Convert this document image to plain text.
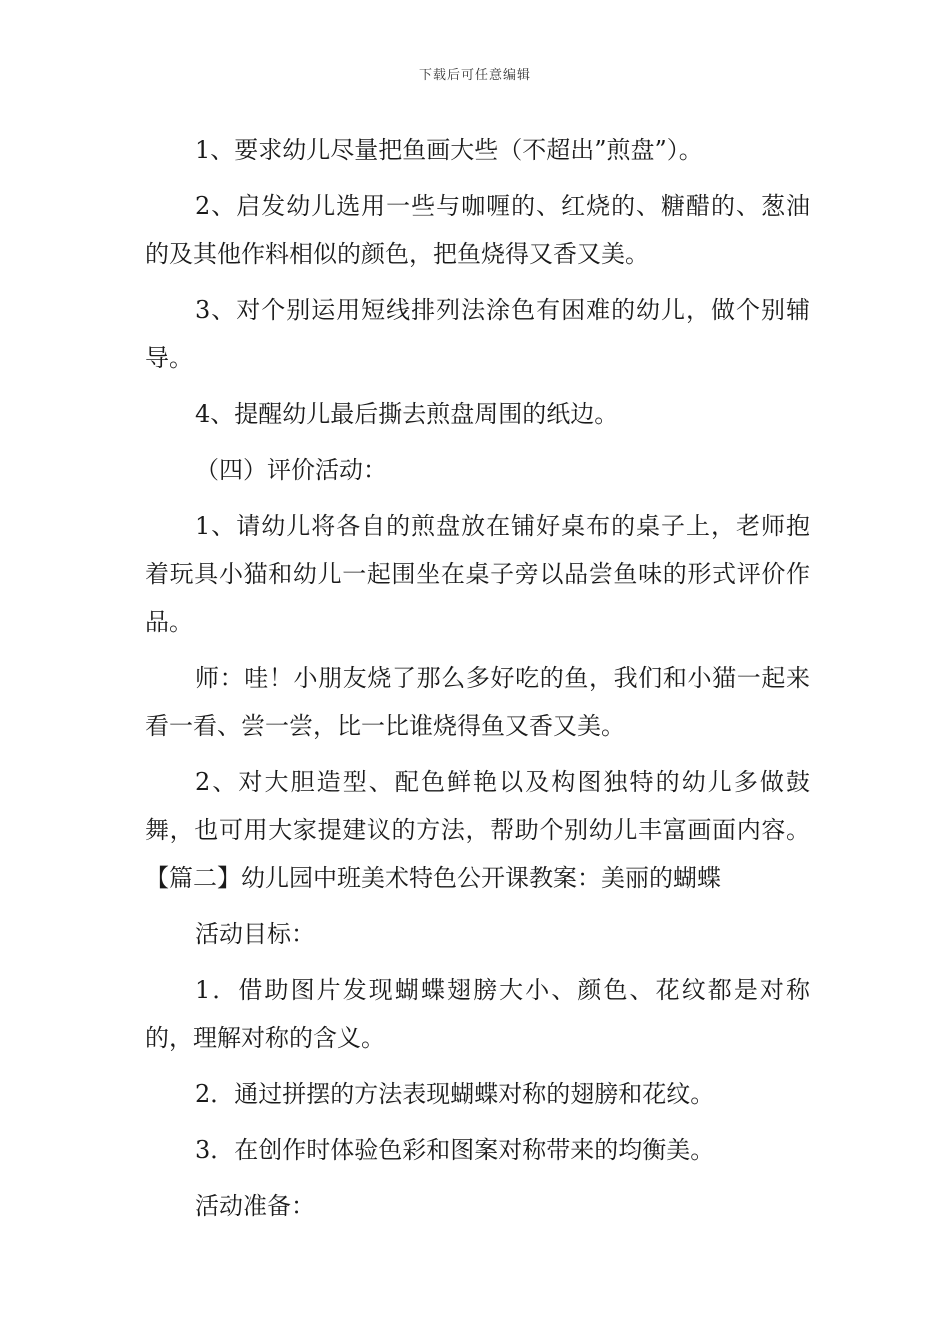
下载后可任意编辑

1、要求幼儿尽量把鱼画大些（不超出”煎盘”）。

2、启发幼儿选用一些与咖喱的、红烧的、糖醋的、葱油的及其他作料相似的颜色，把鱼烧得又香又美。

3、对个别运用短线排列法涂色有困难的幼儿，做个别辅导。

4、提醒幼儿最后撕去煎盘周围的纸边。

（四）评价活动：

1、请幼儿将各自的煎盘放在铺好桌布的桌子上，老师抱着玩具小猫和幼儿一起围坐在桌子旁以品尝鱼味的形式评价作品。

师：哇！小朋友烧了那么多好吃的鱼，我们和小猫一起来看一看、尝一尝，比一比谁烧得鱼又香又美。

2、对大胆造型、配色鲜艳以及构图独特的幼儿多做鼓舞，也可用大家提建议的方法，帮助个别幼儿丰富画面内容。【篇二】幼儿园中班美术特色公开课教案：美丽的蝴蝶

活动目标：

1．借助图片发现蝴蝶翅膀大小、颜色、花纹都是对称的，理解对称的含义。

2．通过拼摆的方法表现蝴蝶对称的翅膀和花纹。

3．在创作时体验色彩和图案对称带来的均衡美。

活动准备：
